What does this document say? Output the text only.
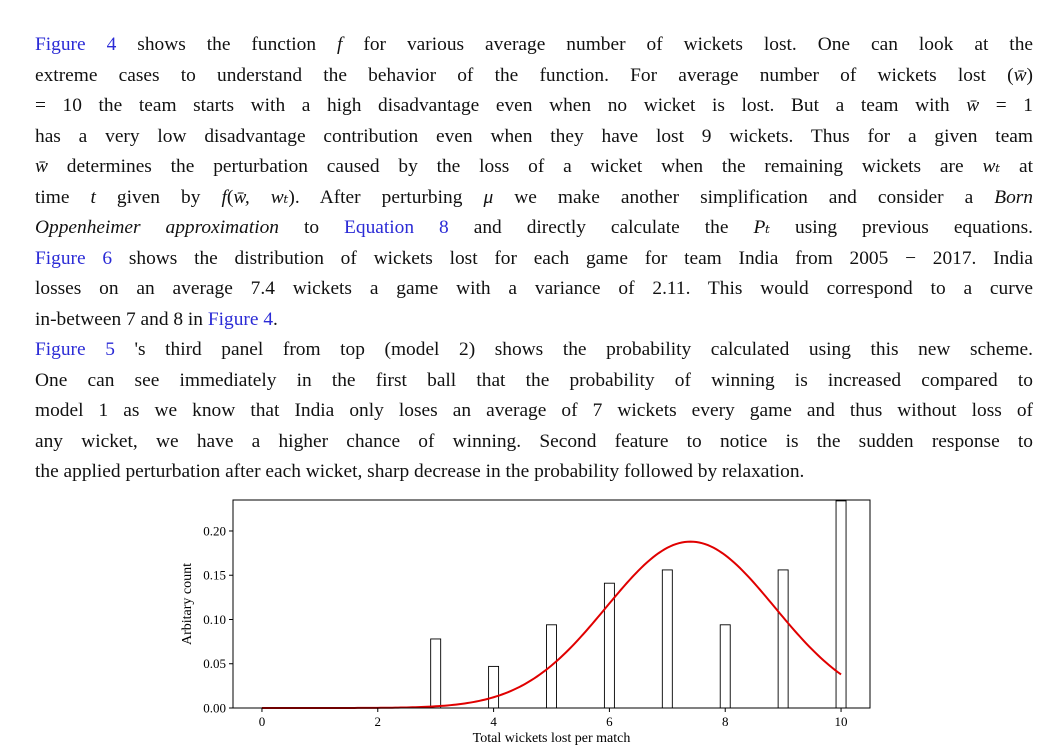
Figure 4 shows the function f for various average number of wickets lost. One can look at the
extreme cases to understand the behavior of the function. For average number of wickets lost (w̄)
= 10 the team starts with a high disadvantage even when no wicket is lost. But a team with w̄ = 1
has a very low disadvantage contribution even when they have lost 9 wickets. Thus for a given team
w̄ determines the perturbation caused by the loss of a wicket when the remaining wickets are wₜ at
time t given by f(w̄, wₜ). After perturbing μ we make another simplification and consider a Born
Oppenheimer approximation to Equation 8 and directly calculate the Pₜ using previous equations.
Figure 6 shows the distribution of wickets lost for each game for team India from 2005 − 2017. India
losses on an average 7.4 wickets a game with a variance of 2.11. This would correspond to a curve
in-between 7 and 8 in Figure 4.
Figure 5 's third panel from top (model 2) shows the probability calculated using this new scheme.
One can see immediately in the first ball that the probability of winning is increased compared to
model 1 as we know that India only loses an average of 7 wickets every game and thus without loss of
any wicket, we have a higher chance of winning. Second feature to notice is the sudden response to
the applied perturbation after each wicket, sharp decrease in the probability followed by relaxation.
0	2	4	6	8	10
0.00
0.05
0.10
0.15
0.20
Total wickets lost per match
Arbitary count
